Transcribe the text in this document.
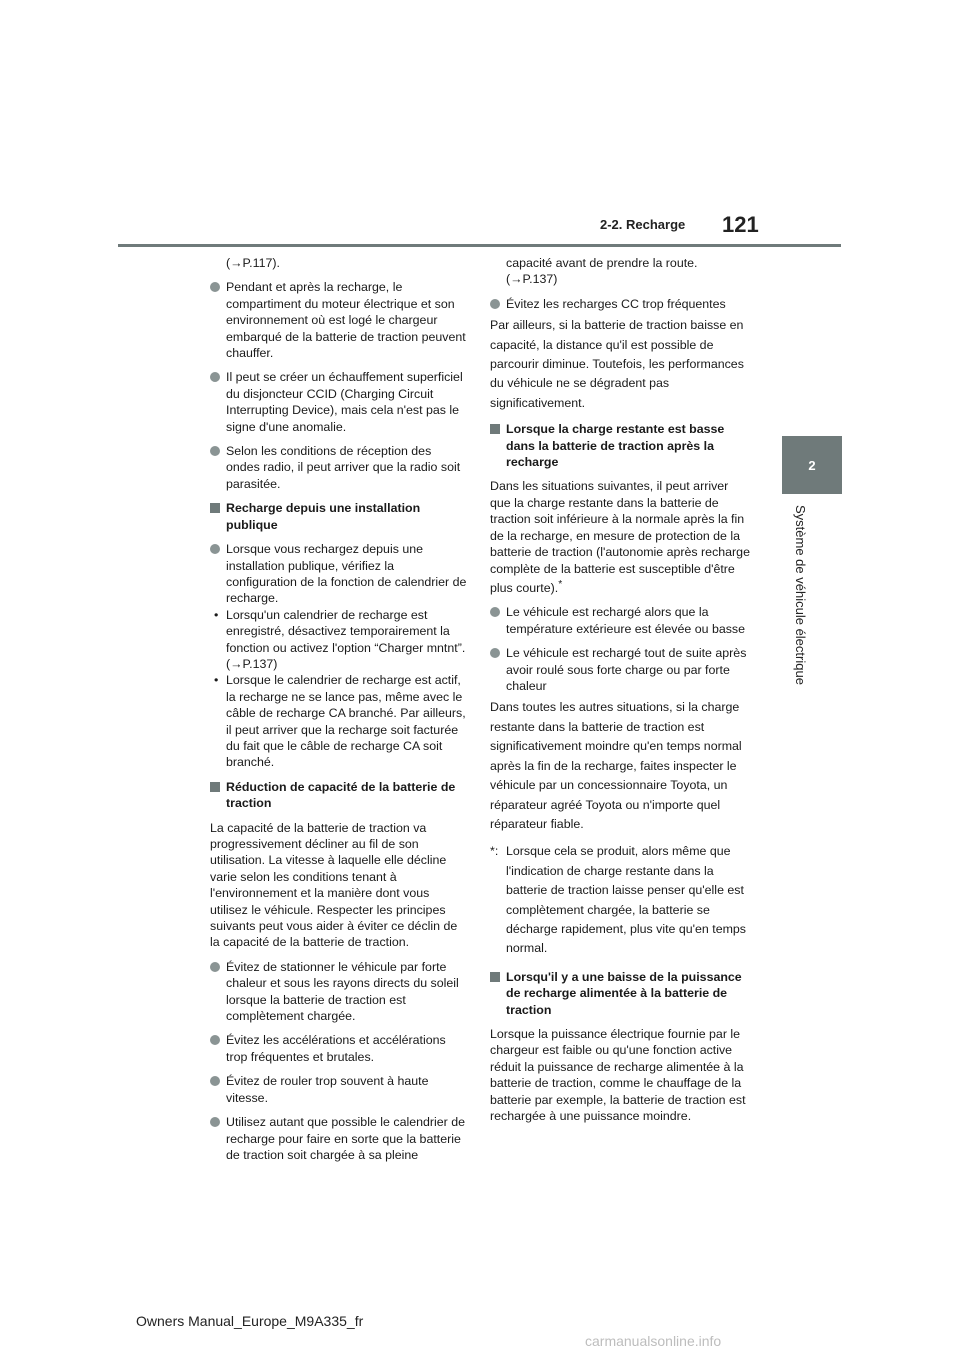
2-2. Recharge	121
2
Système de véhicule électrique
(→P.117).
Pendant et après la recharge, le compartiment du moteur électrique et son environnement où est logé le chargeur embarqué de la batterie de traction peuvent chauffer.
Il peut se créer un échauffement superficiel du disjoncteur CCID (Charging Circuit Interrupting Device), mais cela n'est pas le signe d'une anomalie.
Selon les conditions de réception des ondes radio, il peut arriver que la radio soit parasitée.
Recharge depuis une installation publique
Lorsque vous rechargez depuis une installation publique, vérifiez la configuration de la fonction de calendrier de recharge.
• Lorsqu'un calendrier de recharge est enregistré, désactivez temporairement la fonction ou activez l'option “Charger mntnt”. (→P.137)
• Lorsque le calendrier de recharge est actif, la recharge ne se lance pas, même avec le câble de recharge CA branché. Par ailleurs, il peut arriver que la recharge soit facturée du fait que le câble de recharge CA soit branché.
Réduction de capacité de la batterie de traction
La capacité de la batterie de traction va progressivement décliner au fil de son utilisation. La vitesse à laquelle elle décline varie selon les conditions tenant à l'environnement et la manière dont vous utilisez le véhicule. Respecter les principes suivants peut vous aider à éviter ce déclin de la capacité de la batterie de traction.
Évitez de stationner le véhicule par forte chaleur et sous les rayons directs du soleil lorsque la batterie de traction est complètement chargée.
Évitez les accélérations et accélérations trop fréquentes et brutales.
Évitez de rouler trop souvent à haute vitesse.
Utilisez autant que possible le calendrier de recharge pour faire en sorte que la batterie de traction soit chargée à sa pleine
capacité avant de prendre la route. (→P.137)
Évitez les recharges CC trop fréquentes
Par ailleurs, si la batterie de traction baisse en capacité, la distance qu'il est possible de parcourir diminue. Toutefois, les performances du véhicule ne se dégradent pas significativement.
Lorsque la charge restante est basse dans la batterie de traction après la recharge
Dans les situations suivantes, il peut arriver que la charge restante dans la batterie de traction soit inférieure à la normale après la fin de la recharge, en mesure de protection de la batterie de traction (l'autonomie après recharge complète de la batterie est susceptible d'être plus courte).*
Le véhicule est rechargé alors que la température extérieure est élevée ou basse
Le véhicule est rechargé tout de suite après avoir roulé sous forte charge ou par forte chaleur
Dans toutes les autres situations, si la charge restante dans la batterie de traction est significativement moindre qu'en temps normal après la fin de la recharge, faites inspecter le véhicule par un concessionnaire Toyota, un réparateur agréé Toyota ou n'importe quel réparateur fiable.
*: Lorsque cela se produit, alors même que l'indication de charge restante dans la batterie de traction laisse penser qu'elle est complètement chargée, la batterie se décharge rapidement, plus vite qu'en temps normal.
Lorsqu'il y a une baisse de la puissance de recharge alimentée à la batterie de traction
Lorsque la puissance électrique fournie par le chargeur est faible ou qu'une fonction active réduit la puissance de recharge alimentée à la batterie de traction, comme le chauffage de la batterie par exemple, la batterie de traction est rechargée à une puissance moindre.
Owners Manual_Europe_M9A335_fr
carmanualsonline.info
